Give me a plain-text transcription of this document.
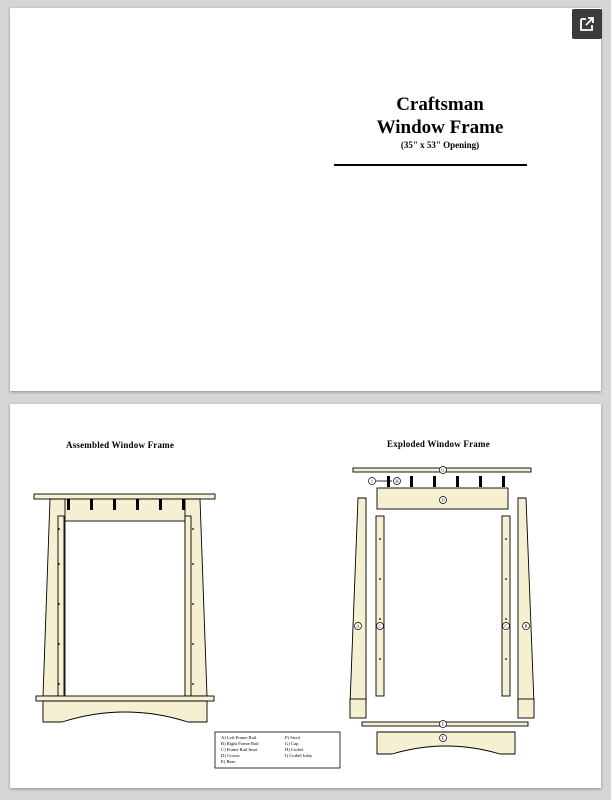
Craftsman
Window Frame
(35" x 53" Opening)
Assembled Window Frame	Exploded Window Frame
A	B
C	C
D
E
F
G
H
I
A) Left Frame Rail
B) Right Frame Rail
C) Frame Rail Inset
D) Crown
E) Base
F) Stool
G) Cap
H) Corbel
I) Corbel Inlay
